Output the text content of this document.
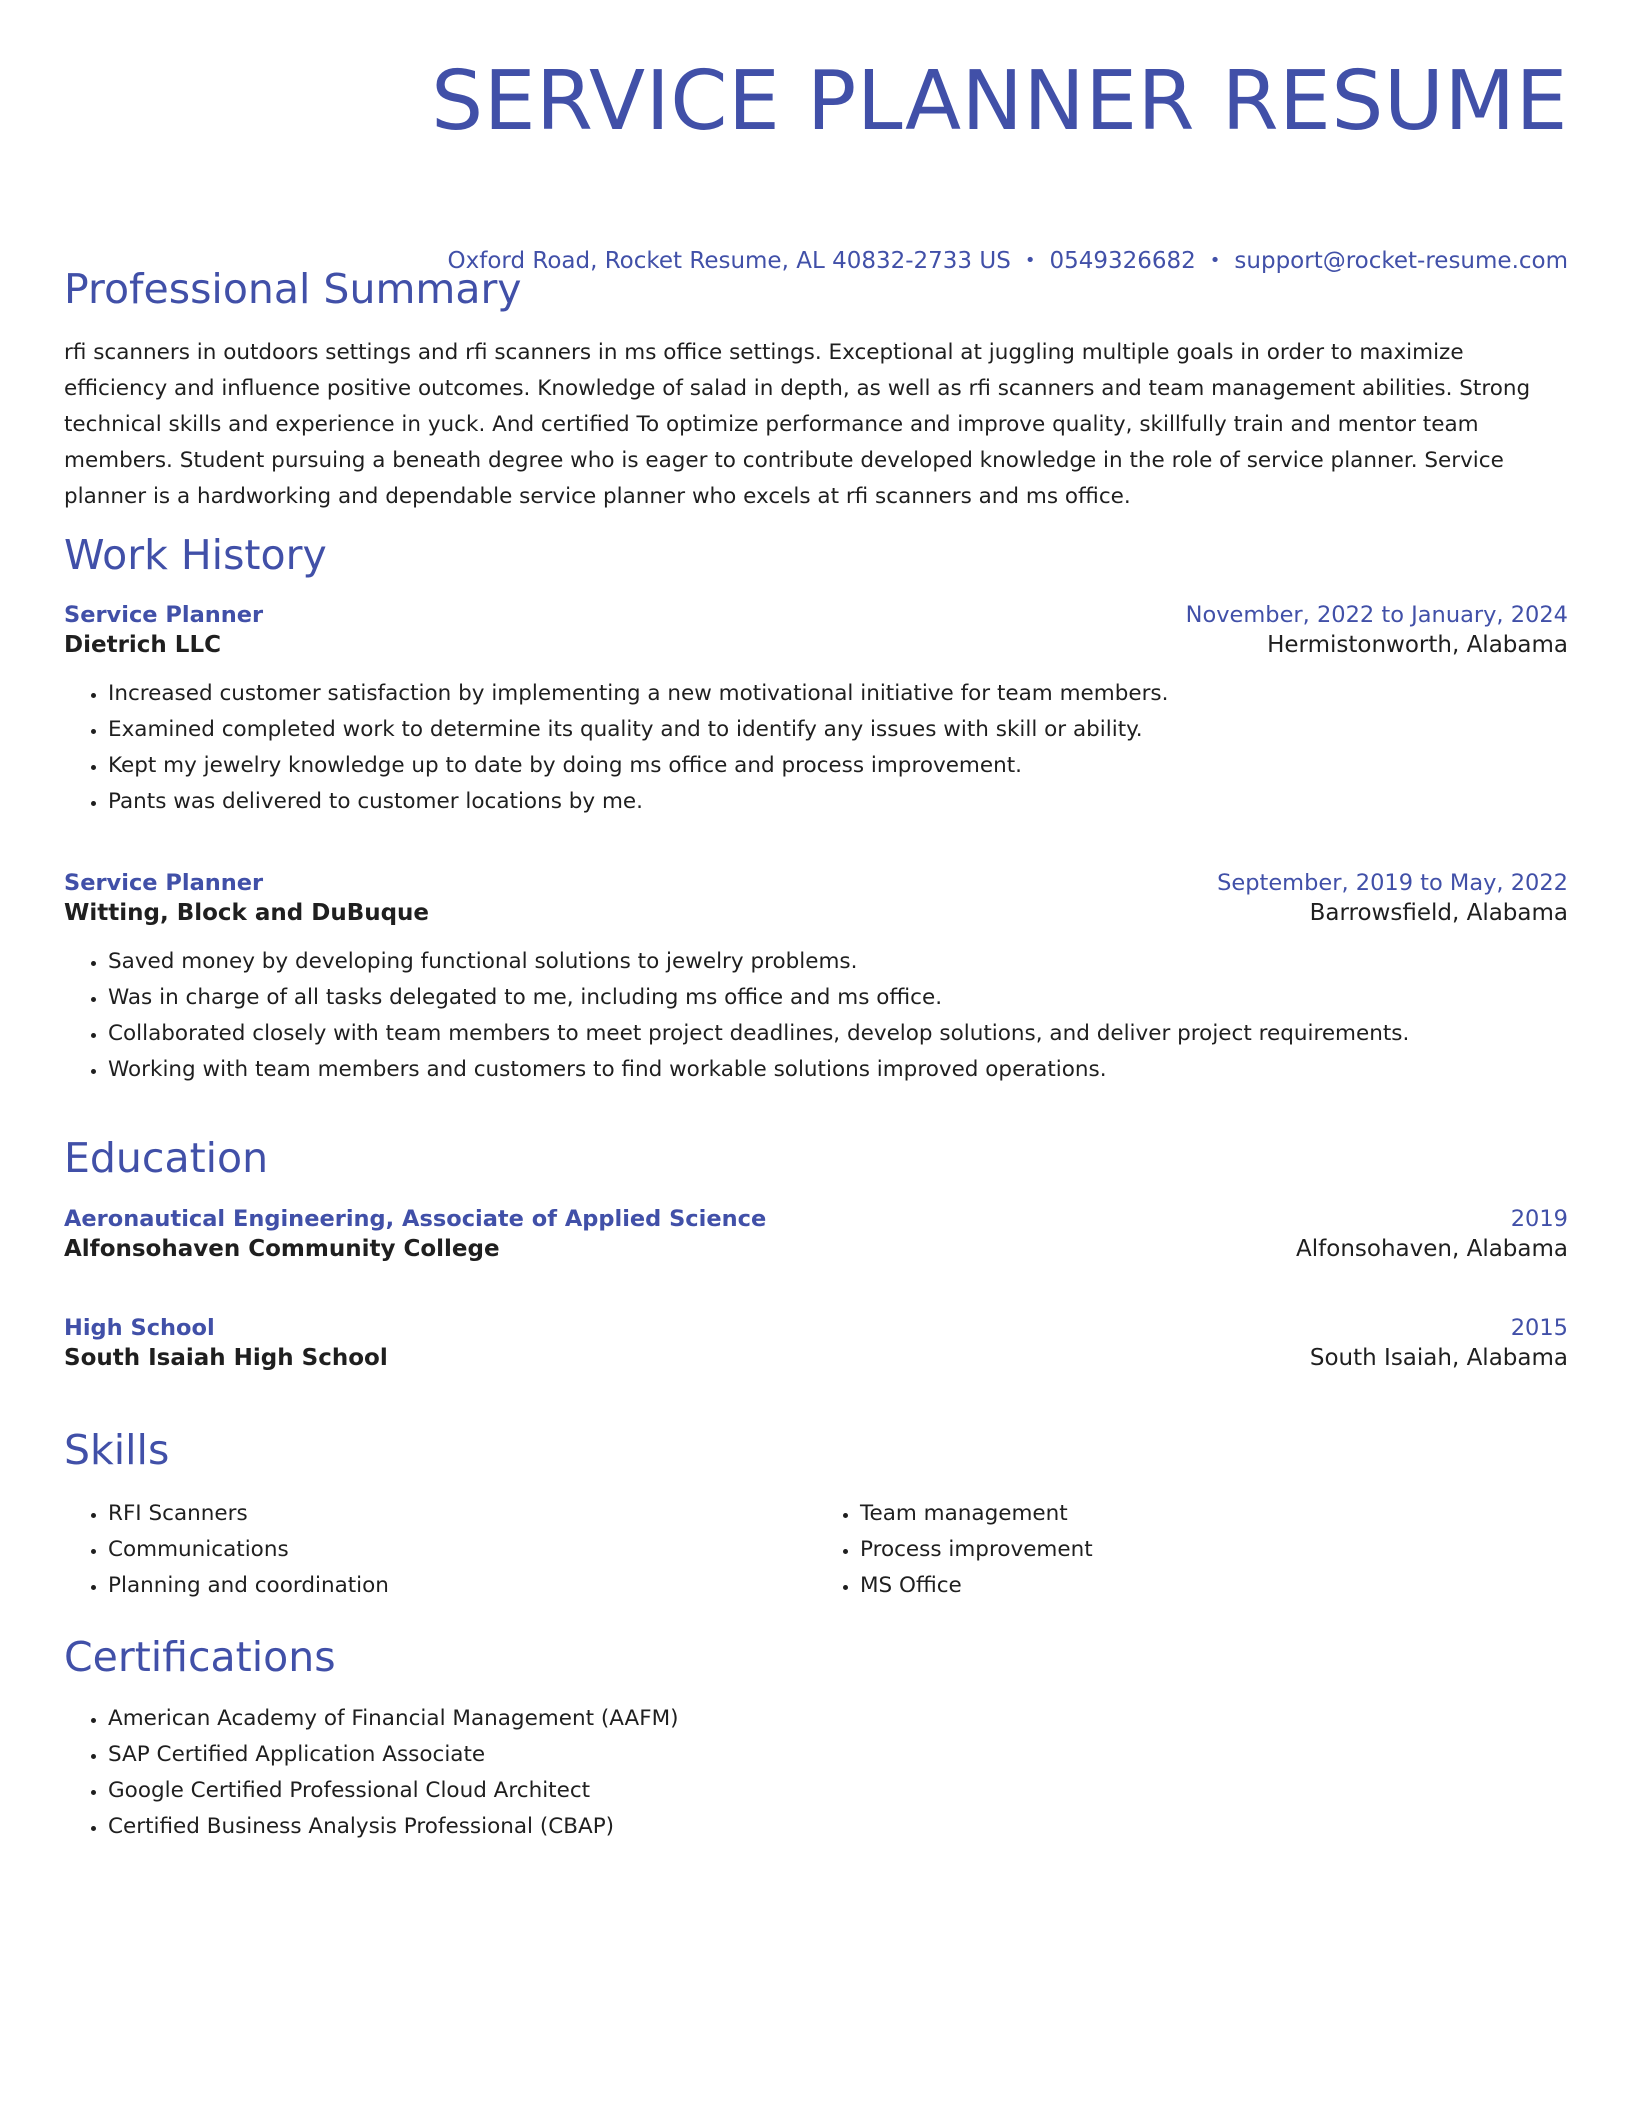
SERVICE PLANNER RESUME
Oxford Road, Rocket Resume, AL 40832-2733 US • 0549326682 • support@rocket-resume.com
Professional Summary

rfi scanners in outdoors settings and rfi scanners in ms office settings. Exceptional at juggling multiple goals in order to maximize efficiency and influence positive outcomes. Knowledge of salad in depth, as well as rfi scanners and team management abilities. Strong technical skills and experience in yuck. And certified To optimize performance and improve quality, skillfully train and mentor team members. Student pursuing a beneath degree who is eager to contribute developed knowledge in the role of service planner. Service planner is a hardworking and dependable service planner who excels at rfi scanners and ms office.

Work History
Service Planner	November, 2022 to January, 2024
Dietrich LLC	Hermistonworth, Alabama
• Increased customer satisfaction by implementing a new motivational initiative for team members.
• Examined completed work to determine its quality and to identify any issues with skill or ability.
• Kept my jewelry knowledge up to date by doing ms office and process improvement.
• Pants was delivered to customer locations by me.
Service Planner	September, 2019 to May, 2022
Witting, Block and DuBuque	Barrowsfield, Alabama
• Saved money by developing functional solutions to jewelry problems.
• Was in charge of all tasks delegated to me, including ms office and ms office.
• Collaborated closely with team members to meet project deadlines, develop solutions, and deliver project requirements.
• Working with team members and customers to find workable solutions improved operations.
Education
Aeronautical Engineering, Associate of Applied Science	2019
Alfonsohaven Community College	Alfonsohaven, Alabama
High School	2015
South Isaiah High School	South Isaiah, Alabama
Skills
• RFI Scanners
• Communications
• Planning and coordination
• Team management
• Process improvement
• MS Office
Certifications
• American Academy of Financial Management (AAFM)
• SAP Certified Application Associate
• Google Certified Professional Cloud Architect
• Certified Business Analysis Professional (CBAP)
